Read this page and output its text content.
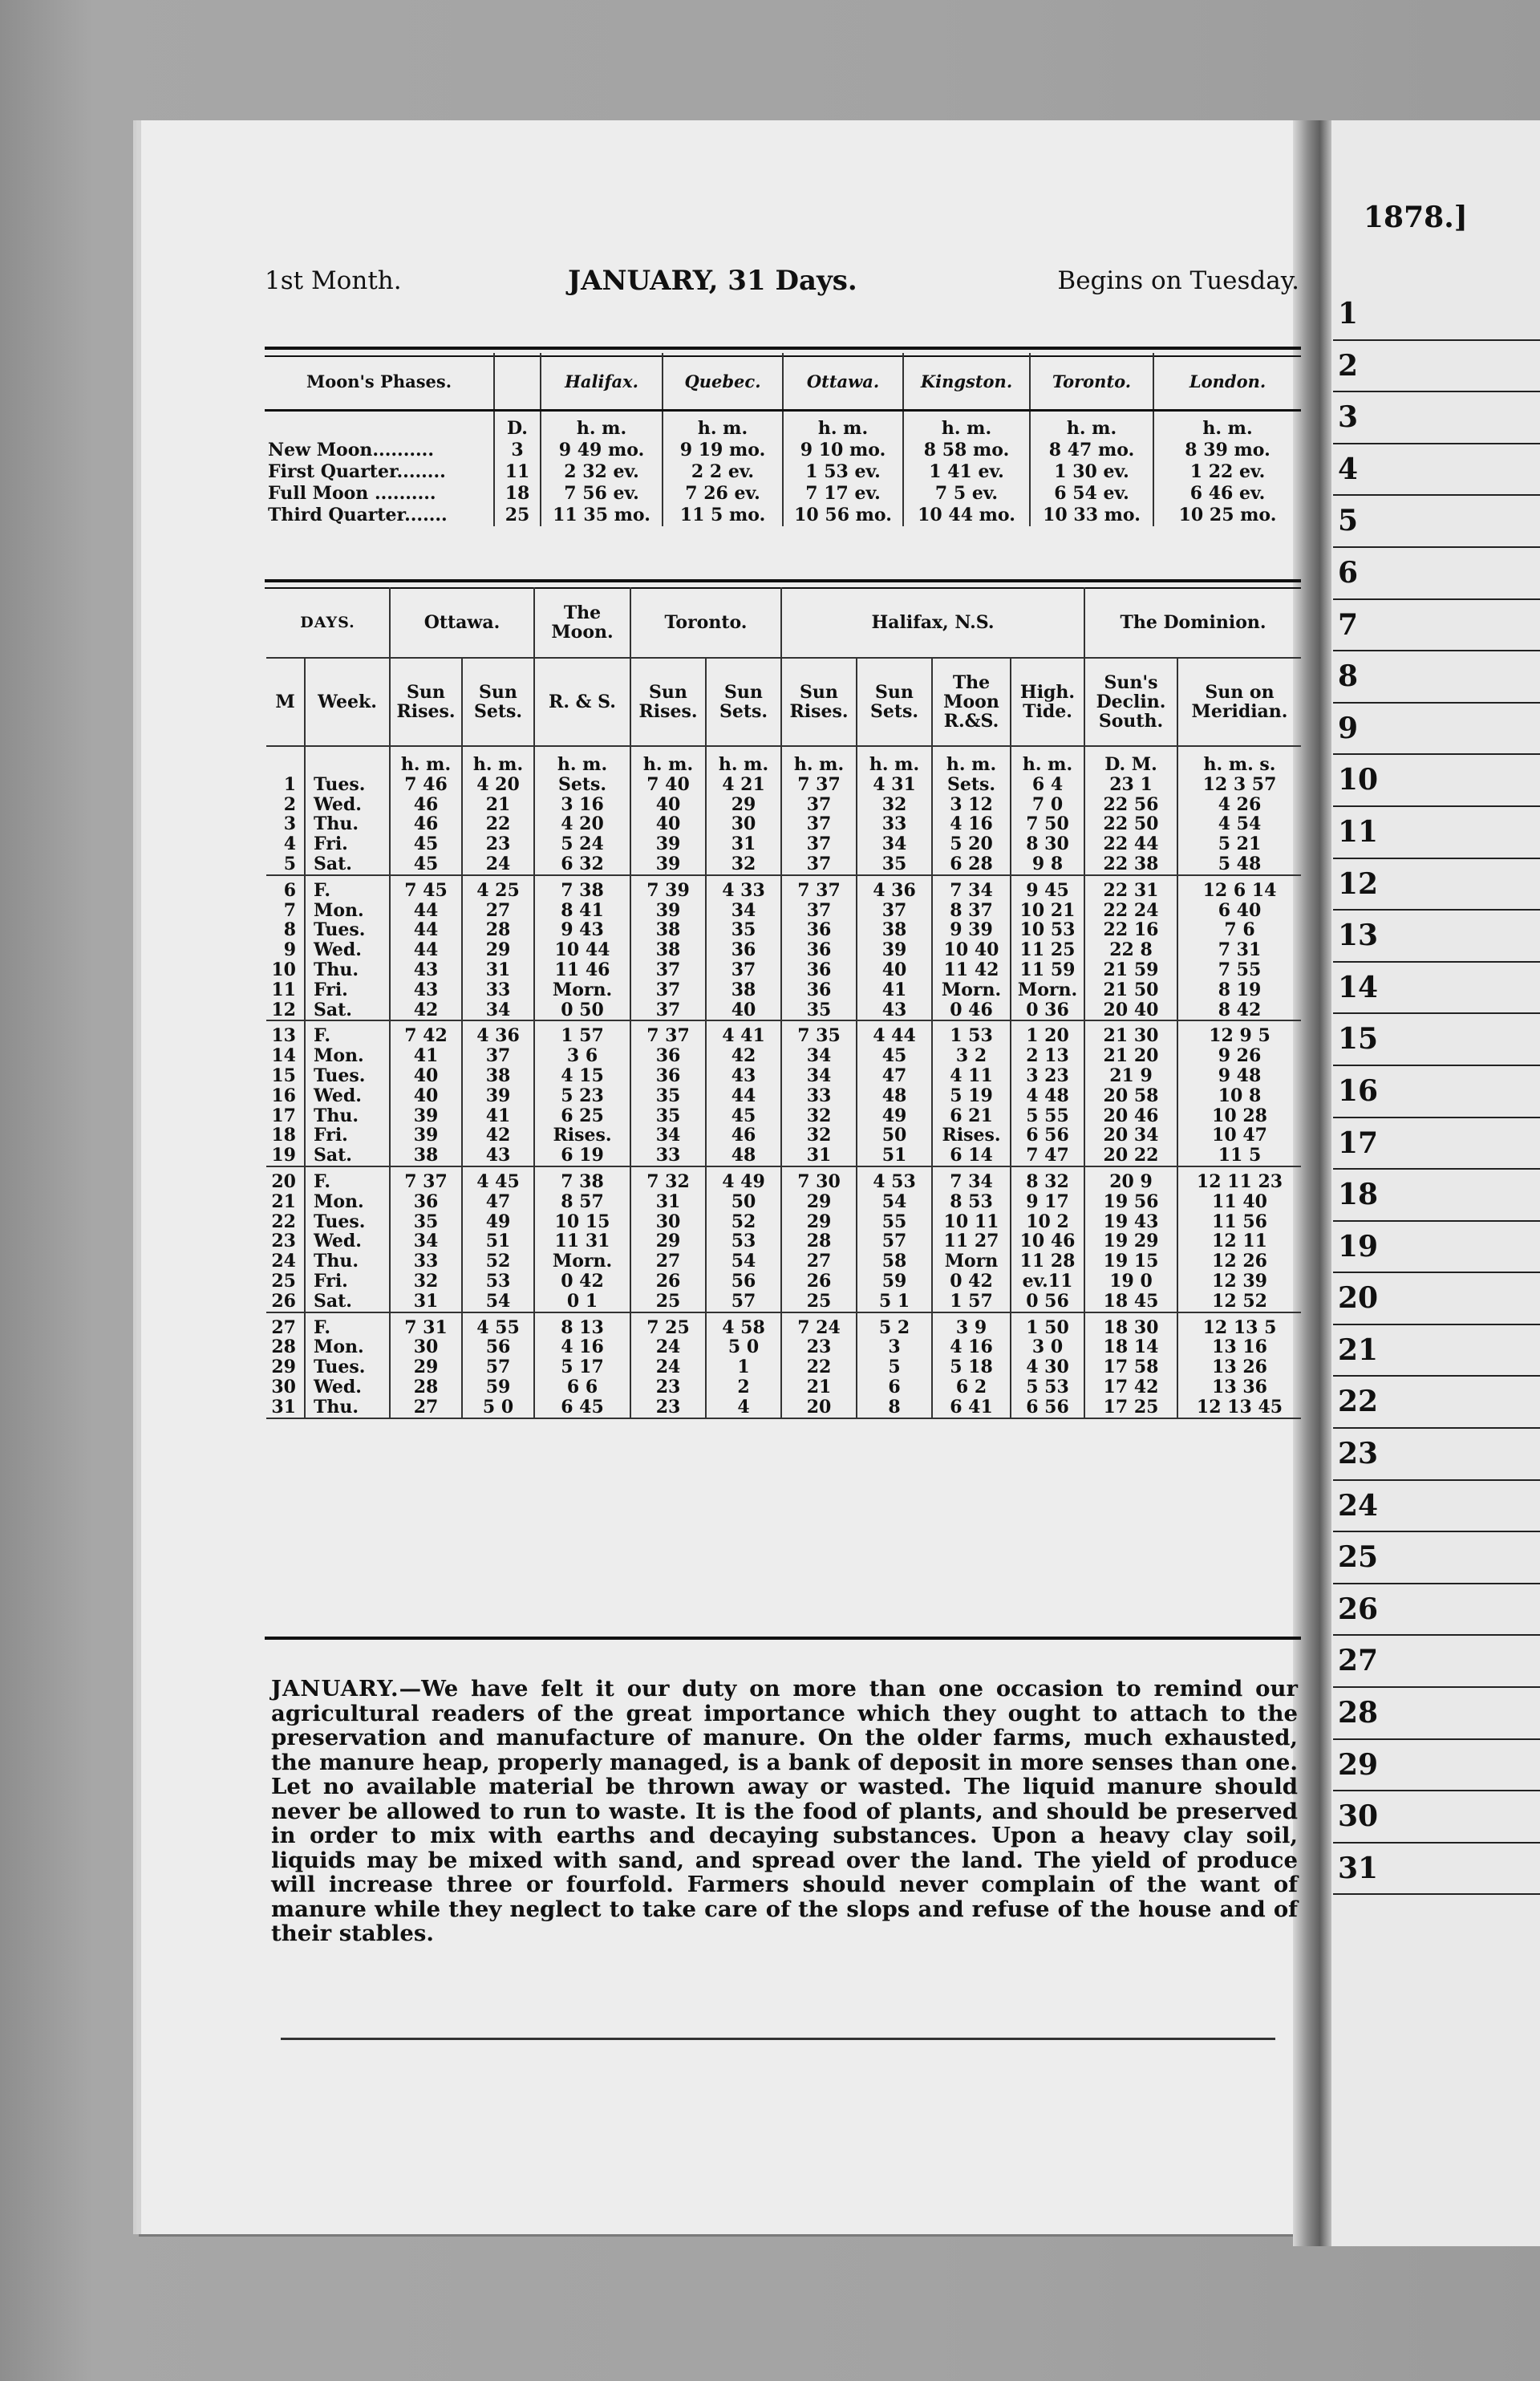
1878.]
1
2
3
4
5
6
7
8
9
10
11
12
13
14
15
16
17
18
19
20
21
22
23
24
25
26
27
28
29
30
31
1st Month.	JANUARY, 31 Days.	Begins on Tuesday.
Moon's Phases.		Halifax.	Quebec.	Ottawa.	Kingston.	Toronto.	London.
	D.	h. m.	h. m.	h. m.	h. m.	h. m.	h. m.
New Moon..........	3	9 49 mo.	9 19 mo.	9 10 mo.	8 58 mo.	8 47 mo.	8 39 mo.
First Quarter........	11	2 32 ev.	2 2 ev.	1 53 ev.	1 41 ev.	1 30 ev.	1 22 ev.
Full Moon ..........	18	7 56 ev.	7 26 ev.	7 17 ev.	7 5 ev.	6 54 ev.	6 46 ev.
Third Quarter.......	25	11 35 mo.	11 5 mo.	10 56 mo.	10 44 mo.	10 33 mo.	10 25 mo.
DAYS.		Ottawa.		The Moon.	Toronto.		Halifax, N.S.				The Dominion.	
M	Week.	Sun Rises.	Sun Sets.	R. & S.	Sun Rises.	Sun Sets.	Sun Rises.	Sun Sets.	The Moon R.&S.	High. Tide.	Sun's Declin. South.	Sun on Meridian.
		h. m.	h. m.	h. m.	h. m.	h. m.	h. m.	h. m.	h. m.	h. m.	D. M.	h. m. s.
1	Tues.	7 46	4 20	Sets.	7 40	4 21	7 37	4 31	Sets.	6 4	23 1	12 3 57
2	Wed.	46	21	3 16	40	29	37	32	3 12	7 0	22 56	4 26
3	Thu.	46	22	4 20	40	30	37	33	4 16	7 50	22 50	4 54
4	Fri.	45	23	5 24	39	31	37	34	5 20	8 30	22 44	5 21
5	Sat.	45	24	6 32	39	32	37	35	6 28	9 8	22 38	5 48
6	F.	7 45	4 25	7 38	7 39	4 33	7 37	4 36	7 34	9 45	22 31	12 6 14
7	Mon.	44	27	8 41	39	34	37	37	8 37	10 21	22 24	6 40
8	Tues.	44	28	9 43	38	35	36	38	9 39	10 53	22 16	7 6
9	Wed.	44	29	10 44	38	36	36	39	10 40	11 25	22 8	7 31
10	Thu.	43	31	11 46	37	37	36	40	11 42	11 59	21 59	7 55
11	Fri.	43	33	Morn.	37	38	36	41	Morn.	Morn.	21 50	8 19
12	Sat.	42	34	0 50	37	40	35	43	0 46	0 36	20 40	8 42
13	F.	7 42	4 36	1 57	7 37	4 41	7 35	4 44	1 53	1 20	21 30	12 9 5
14	Mon.	41	37	3 6	36	42	34	45	3 2	2 13	21 20	9 26
15	Tues.	40	38	4 15	36	43	34	47	4 11	3 23	21 9	9 48
16	Wed.	40	39	5 23	35	44	33	48	5 19	4 48	20 58	10 8
17	Thu.	39	41	6 25	35	45	32	49	6 21	5 55	20 46	10 28
18	Fri.	39	42	Rises.	34	46	32	50	Rises.	6 56	20 34	10 47
19	Sat.	38	43	6 19	33	48	31	51	6 14	7 47	20 22	11 5
20	F.	7 37	4 45	7 38	7 32	4 49	7 30	4 53	7 34	8 32	20 9	12 11 23
21	Mon.	36	47	8 57	31	50	29	54	8 53	9 17	19 56	11 40
22	Tues.	35	49	10 15	30	52	29	55	10 11	10 2	19 43	11 56
23	Wed.	34	51	11 31	29	53	28	57	11 27	10 46	19 29	12 11
24	Thu.	33	52	Morn.	27	54	27	58	Morn	11 28	19 15	12 26
25	Fri.	32	53	0 42	26	56	26	59	0 42	ev.11	19 0	12 39
26	Sat.	31	54	0 1	25	57	25	5 1	1 57	0 56	18 45	12 52
27	F.	7 31	4 55	8 13	7 25	4 58	7 24	5 2	3 9	1 50	18 30	12 13 5
28	Mon.	30	56	4 16	24	5 0	23	3	4 16	3 0	18 14	13 16
29	Tues.	29	57	5 17	24	1	22	5	5 18	4 30	17 58	13 26
30	Wed.	28	59	6 6	23	2	21	6	6 2	5 53	17 42	13 36
31	Thu.	27	5 0	6 45	23	4	20	8	6 41	6 56	17 25	12 13 45
JANUARY.—We have felt it our duty on more than one occasion to remind our agricultural readers of the great importance which they ought to attach to the preservation and manufacture of manure. On the older farms, much exhausted, the manure heap, properly managed, is a bank of deposit in more senses than one. Let no available material be thrown away or wasted. The liquid manure should never be allowed to run to waste. It is the food of plants, and should be preserved in order to mix with earths and decaying substances. Upon a heavy clay soil, liquids may be mixed with sand, and spread over the land. The yield of produce will increase three or fourfold. Farmers should never complain of the want of manure while they neglect to take care of the slops and refuse of the house and of their stables.
